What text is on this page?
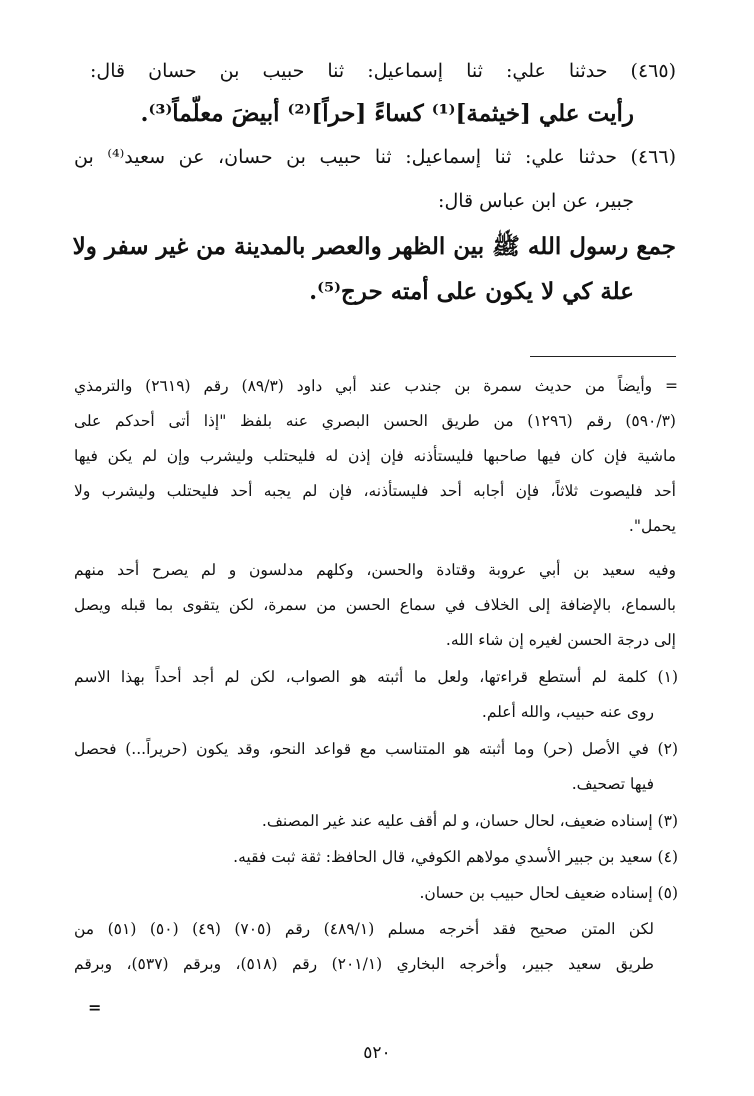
(٤٦٥) حدثنا علي: ثنا إسماعيل: ثنا حبيب بن حسان قال:
رأيت علي [خيثمة]⁽¹⁾ كساءً [حراً]⁽²⁾ أبيضَ معلّماً⁽³⁾.
(٤٦٦) حدثنا علي: ثنا إسماعيل: ثنا حبيب بن حسان، عن سعيد⁽⁴⁾ بن
جبير، عن ابن عباس قال:
جمع رسول الله ﷺ بين الظهر والعصر بالمدينة من غير سفر ولا
علة كي لا يكون على أمته حرج⁽⁵⁾.
= وأيضاً من حديث سمرة بن جندب عند أبي داود (٨٩/٣) رقم (٢٦١٩) والترمذي
(٥٩٠/٣) رقم (١٢٩٦) من طريق الحسن البصري عنه بلفظ "إذا أتى أحدكم على
ماشية فإن كان فيها صاحبها فليستأذنه فإن إذن له فليحتلب وليشرب وإن لم يكن فيها
أحد فليصوت ثلاثاً، فإن أجابه أحد فليستأذنه، فإن لم يجبه أحد فليحتلب وليشرب ولا
يحمل".
وفيه سعيد بن أبي عروبة وقتادة والحسن، وكلهم مدلسون و لم يصرح أحد منهم
بالسماع، بالإضافة إلى الخلاف في سماع الحسن من سمرة، لكن يتقوى بما قبله ويصل
إلى درجة الحسن لغيره إن شاء الله.
(١) كلمة لم أستطع قراءتها، ولعل ما أثبته هو الصواب، لكن لم أجد أحداً بهذا الاسم
روى عنه حبيب، والله أعلم.
(٢) في الأصل (حر) وما أثبته هو المتناسب مع قواعد النحو، وقد يكون (حريراً...) فحصل
فيها تصحيف.
(٣) إسناده ضعيف، لحال حسان، و لم أقف عليه عند غير المصنف.
(٤) سعيد بن جبير الأسدي مولاهم الكوفي، قال الحافظ: ثقة ثبت فقيه.
(٥) إسناده ضعيف لحال حبيب بن حسان.
لكن المتن صحيح فقد أخرجه مسلم (٤٨٩/١) رقم (٧٠٥) (٤٩) (٥٠) (٥١) من
طريق سعيد جبير، وأخرجه البخاري (٢٠١/١) رقم (٥١٨)، وبرقم (٥٣٧)، وبرقم
=
٥٢٠
